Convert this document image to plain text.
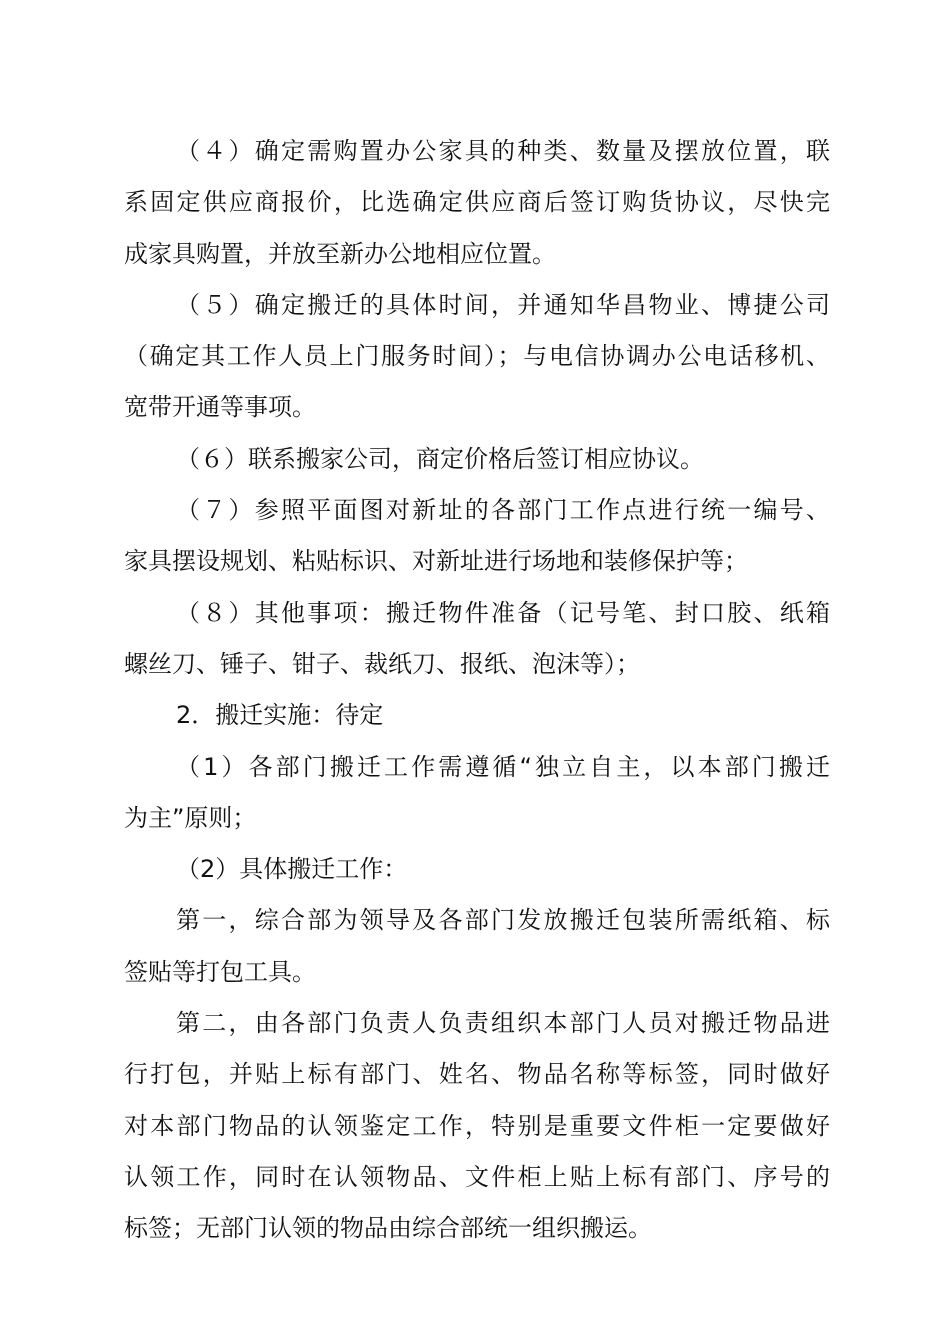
（４）确定需购置办公家具的种类、数量及摆放位置，联
系固定供应商报价，比选确定供应商后签订购货协议，尽快完
成家具购置，并放至新办公地相应位置。
（５）确定搬迁的具体时间，并通知华昌物业、博捷公司
（确定其工作人员上门服务时间）；与电信协调办公电话移机、
宽带开通等事项。
（６）联系搬家公司，商定价格后签订相应协议。
（７）参照平面图对新址的各部门工作点进行统一编号、
家具摆设规划、粘贴标识、对新址进行场地和装修保护等；
（８）其他事项：搬迁物件准备（记号笔、封口胶、纸箱
螺丝刀、锤子、钳子、裁纸刀、报纸、泡沫等）；
2．搬迁实施：待定
（1）各部门搬迁工作需遵循“独立自主，以本部门搬迁
为主”原则；
（2）具体搬迁工作：
第一，综合部为领导及各部门发放搬迁包装所需纸箱、标
签贴等打包工具。
第二，由各部门负责人负责组织本部门人员对搬迁物品进
行打包，并贴上标有部门、姓名、物品名称等标签，同时做好
对本部门物品的认领鉴定工作，特别是重要文件柜一定要做好
认领工作，同时在认领物品、文件柜上贴上标有部门、序号的
标签；无部门认领的物品由综合部统一组织搬运。
